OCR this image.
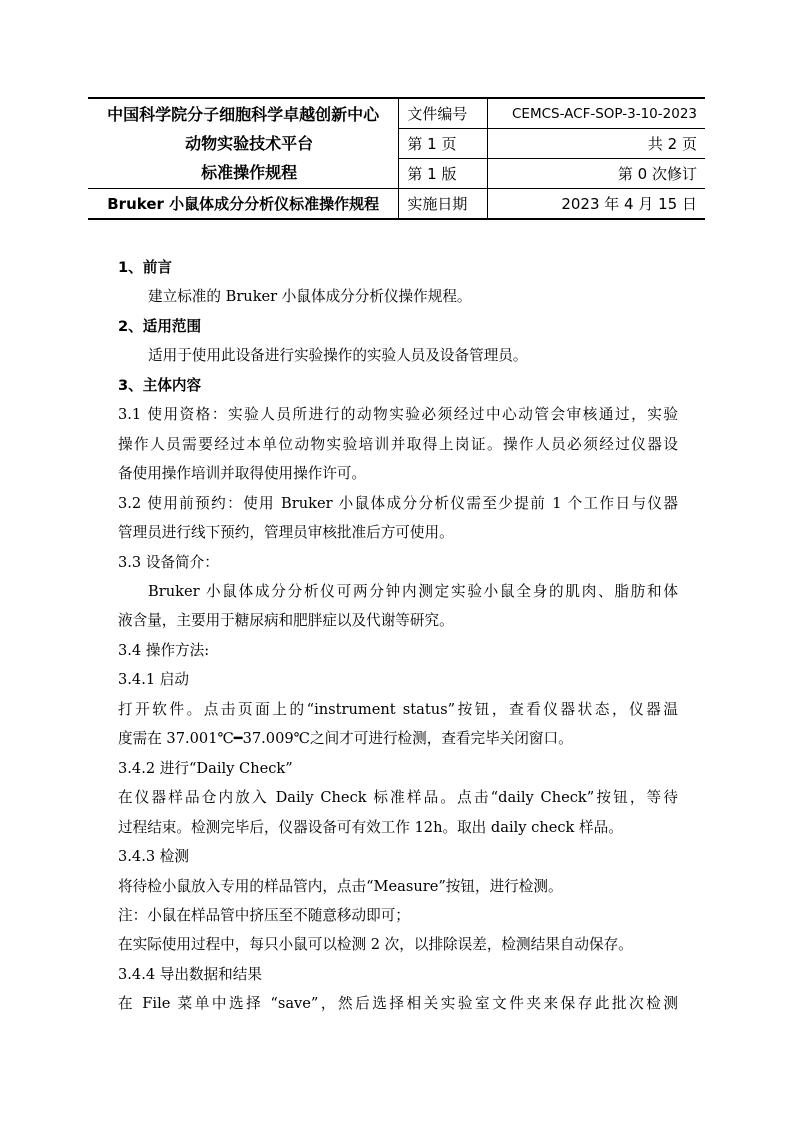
中国科学院分子细胞科学卓越创新中心
动物实验技术平台
标准操作规程	文件编号	CEMCS-ACF-SOP-3-10-2023
	第 1 页	共 2 页
	第 1 版	第 0 次修订
Bruker 小鼠体成分分析仪标准操作规程	实施日期	2023 年 4 月 15 日
1、前言
建立标准的 Bruker 小鼠体成分分析仪操作规程。
2、适用范围
适用于使用此设备进行实验操作的实验人员及设备管理员。
3、主体内容
3.1 使用资格：实验人员所进行的动物实验必须经过中心动管会审核通过，实验
操作人员需要经过本单位动物实验培训并取得上岗证。操作人员必须经过仪器设
备使用操作培训并取得使用操作许可。
3.2 使用前预约：使用 Bruker 小鼠体成分分析仪需至少提前 1 个工作日与仪器
管理员进行线下预约，管理员审核批准后方可使用。
3.3 设备简介：
Bruker 小鼠体成分分析仪可两分钟内测定实验小鼠全身的肌肉、脂肪和体
液含量，主要用于糖尿病和肥胖症以及代谢等研究。
3.4 操作方法:
3.4.1 启动
打开软件。点击页面上的“instrument status”按钮，查看仪器状态，仪器温
度需在 37.001℃━37.009℃之间才可进行检测，查看完毕关闭窗口。
3.4.2 进行“Daily Check”
在仪器样品仓内放入 Daily Check 标准样品。点击“daily Check”按钮，等待
过程结束。检测完毕后，仪器设备可有效工作 12h。取出 daily check 样品。
3.4.3 检测
将待检小鼠放入专用的样品管内，点击“Measure”按钮，进行检测。
注：小鼠在样品管中挤压至不随意移动即可；
在实际使用过程中，每只小鼠可以检测 2 次，以排除误差，检测结果自动保存。
3.4.4 导出数据和结果
在 File 菜单中选择 “save”，然后选择相关实验室文件夹来保存此批次检测
